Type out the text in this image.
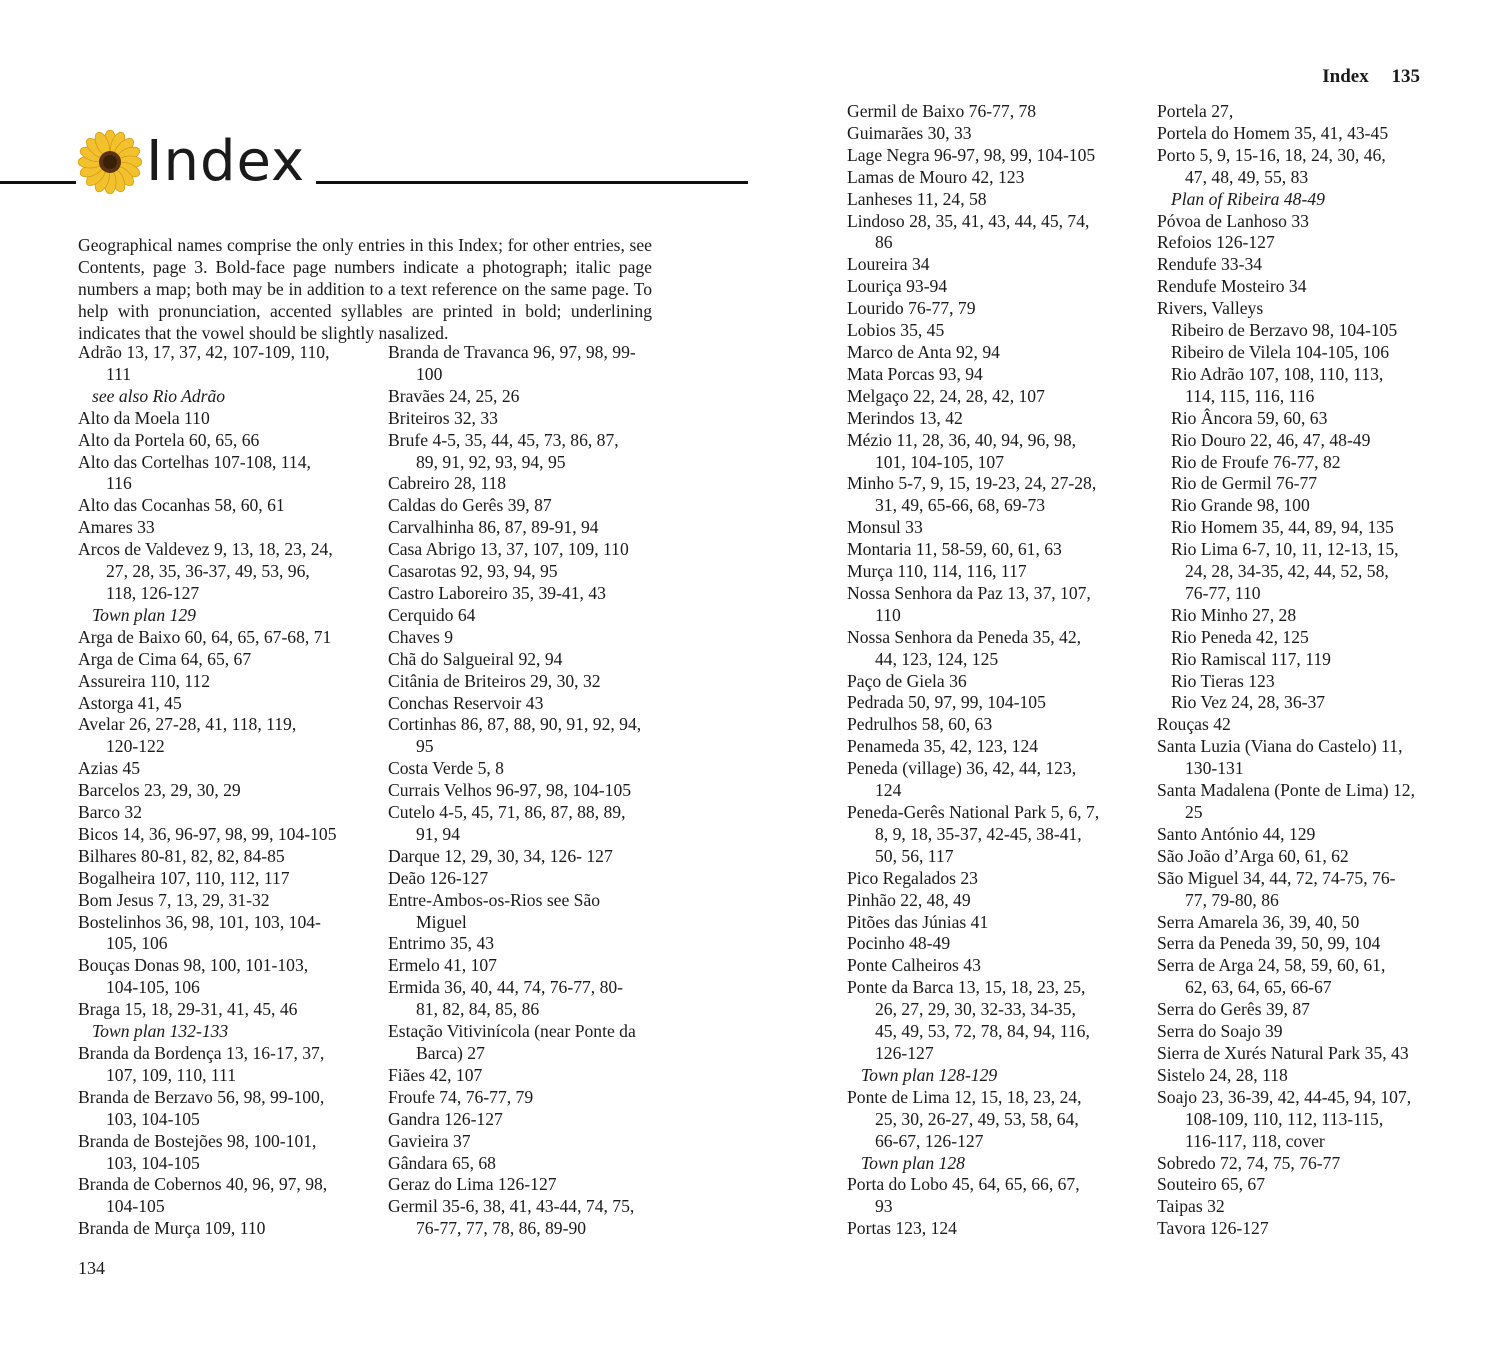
Index 135
Index

Geographical names comprise the only entries in this Index; for other entries, see Contents, page 3. Bold-face page numbers indicate a photograph; italic page numbers a map; both may be in addition to a text reference on the same page. To help with pronunciation, accented syllables are printed in bold; underlining indicates that the vowel should be slightly nasalized.

Adrão 13, 17, 37, 42, 107-109, 110,
111
see also Rio Adrão
Alto da Moela 110
Alto da Portela 60, 65, 66
Alto das Cortelhas 107-108, 114,
116
Alto das Cocanhas 58, 60, 61
Amares 33
Arcos de Valdevez 9, 13, 18, 23, 24,
27, 28, 35, 36-37, 49, 53, 96,
118, 126-127
Town plan 129
Arga de Baixo 60, 64, 65, 67-68, 71
Arga de Cima 64, 65, 67
Assureira 110, 112
Astorga 41, 45
Avelar 26, 27-28, 41, 118, 119,
120-122
Azias 45
Barcelos 23, 29, 30, 29
Barco 32
Bicos 14, 36, 96-97, 98, 99, 104-105
Bilhares 80-81, 82, 82, 84-85
Bogalheira 107, 110, 112, 117
Bom Jesus 7, 13, 29, 31-32
Bostelinhos 36, 98, 101, 103, 104-
105, 106
Bouças Donas 98, 100, 101-103,
104-105, 106
Braga 15, 18, 29-31, 41, 45, 46
Town plan 132-133
Branda da Bordença 13, 16-17, 37,
107, 109, 110, 111
Branda de Berzavo 56, 98, 99-100,
103, 104-105
Branda de Bostejões 98, 100-101,
103, 104-105
Branda de Cobernos 40, 96, 97, 98,
104-105
Branda de Murça 109, 110
Branda de Travanca 96, 97, 98, 99-
100
Bravães 24, 25, 26
Briteiros 32, 33
Brufe 4-5, 35, 44, 45, 73, 86, 87,
89, 91, 92, 93, 94, 95
Cabreiro 28, 118
Caldas do Gerês 39, 87
Carvalhinha 86, 87, 89-91, 94
Casa Abrigo 13, 37, 107, 109, 110
Casarotas 92, 93, 94, 95
Castro Laboreiro 35, 39-41, 43
Cerquido 64
Chaves 9
Chã do Salgueiral 92, 94
Citânia de Briteiros 29, 30, 32
Conchas Reservoir 43
Cortinhas 86, 87, 88, 90, 91, 92, 94,
95
Costa Verde 5, 8
Currais Velhos 96-97, 98, 104-105
Cutelo 4-5, 45, 71, 86, 87, 88, 89,
91, 94
Darque 12, 29, 30, 34, 126- 127
Deão 126-127
Entre-Ambos-os-Rios see São
Miguel
Entrimo 35, 43
Ermelo 41, 107
Ermida 36, 40, 44, 74, 76-77, 80-
81, 82, 84, 85, 86
Estação Vitivinícola (near Ponte da
Barca) 27
Fiães 42, 107
Froufe 74, 76-77, 79
Gandra 126-127
Gavieira 37
Gândara 65, 68
Geraz do Lima 126-127
Germil 35-6, 38, 41, 43-44, 74, 75,
76-77, 77, 78, 86, 89-90
Germil de Baixo 76-77, 78
Guimarães 30, 33
Lage Negra 96-97, 98, 99, 104-105
Lamas de Mouro 42, 123
Lanheses 11, 24, 58
Lindoso 28, 35, 41, 43, 44, 45, 74,
86
Loureira 34
Louriça 93-94
Lourido 76-77, 79
Lobios 35, 45
Marco de Anta 92, 94
Mata Porcas 93, 94
Melgaço 22, 24, 28, 42, 107
Merindos 13, 42
Mézio 11, 28, 36, 40, 94, 96, 98,
101, 104-105, 107
Minho 5-7, 9, 15, 19-23, 24, 27-28,
31, 49, 65-66, 68, 69-73
Monsul 33
Montaria 11, 58-59, 60, 61, 63
Murça 110, 114, 116, 117
Nossa Senhora da Paz 13, 37, 107,
110
Nossa Senhora da Peneda 35, 42,
44, 123, 124, 125
Paço de Giela 36
Pedrada 50, 97, 99, 104-105
Pedrulhos 58, 60, 63
Penameda 35, 42, 123, 124
Peneda (village) 36, 42, 44, 123,
124
Peneda-Gerês National Park 5, 6, 7,
8, 9, 18, 35-37, 42-45, 38-41,
50, 56, 117
Pico Regalados 23
Pinhão 22, 48, 49
Pitões das Júnias 41
Pocinho 48-49
Ponte Calheiros 43
Ponte da Barca 13, 15, 18, 23, 25,
26, 27, 29, 30, 32-33, 34-35,
45, 49, 53, 72, 78, 84, 94, 116,
126-127
Town plan 128-129
Ponte de Lima 12, 15, 18, 23, 24,
25, 30, 26-27, 49, 53, 58, 64,
66-67, 126-127
Town plan 128
Porta do Lobo 45, 64, 65, 66, 67,
93
Portas 123, 124
Portela 27,
Portela do Homem 35, 41, 43-45
Porto 5, 9, 15-16, 18, 24, 30, 46,
47, 48, 49, 55, 83
Plan of Ribeira 48-49
Póvoa de Lanhoso 33
Refoios 126-127
Rendufe 33-34
Rendufe Mosteiro 34
Rivers, Valleys
Ribeiro de Berzavo 98, 104-105
Ribeiro de Vilela 104-105, 106
Rio Adrão 107, 108, 110, 113,
114, 115, 116, 116
Rio Âncora 59, 60, 63
Rio Douro 22, 46, 47, 48-49
Rio de Froufe 76-77, 82
Rio de Germil 76-77
Rio Grande 98, 100
Rio Homem 35, 44, 89, 94, 135
Rio Lima 6-7, 10, 11, 12-13, 15,
24, 28, 34-35, 42, 44, 52, 58,
76-77, 110
Rio Minho 27, 28
Rio Peneda 42, 125
Rio Ramiscal 117, 119
Rio Tieras 123
Rio Vez 24, 28, 36-37
Rouças 42
Santa Luzia (Viana do Castelo) 11,
130-131
Santa Madalena (Ponte de Lima) 12,
25
Santo António 44, 129
São João d’Arga 60, 61, 62
São Miguel 34, 44, 72, 74-75, 76-
77, 79-80, 86
Serra Amarela 36, 39, 40, 50
Serra da Peneda 39, 50, 99, 104
Serra de Arga 24, 58, 59, 60, 61,
62, 63, 64, 65, 66-67
Serra do Gerês 39, 87
Serra do Soajo 39
Sierra de Xurés Natural Park 35, 43
Sistelo 24, 28, 118
Soajo 23, 36-39, 42, 44-45, 94, 107,
108-109, 110, 112, 113-115,
116-117, 118, cover
Sobredo 72, 74, 75, 76-77
Souteiro 65, 67
Taipas 32
Tavora 126-127
134
